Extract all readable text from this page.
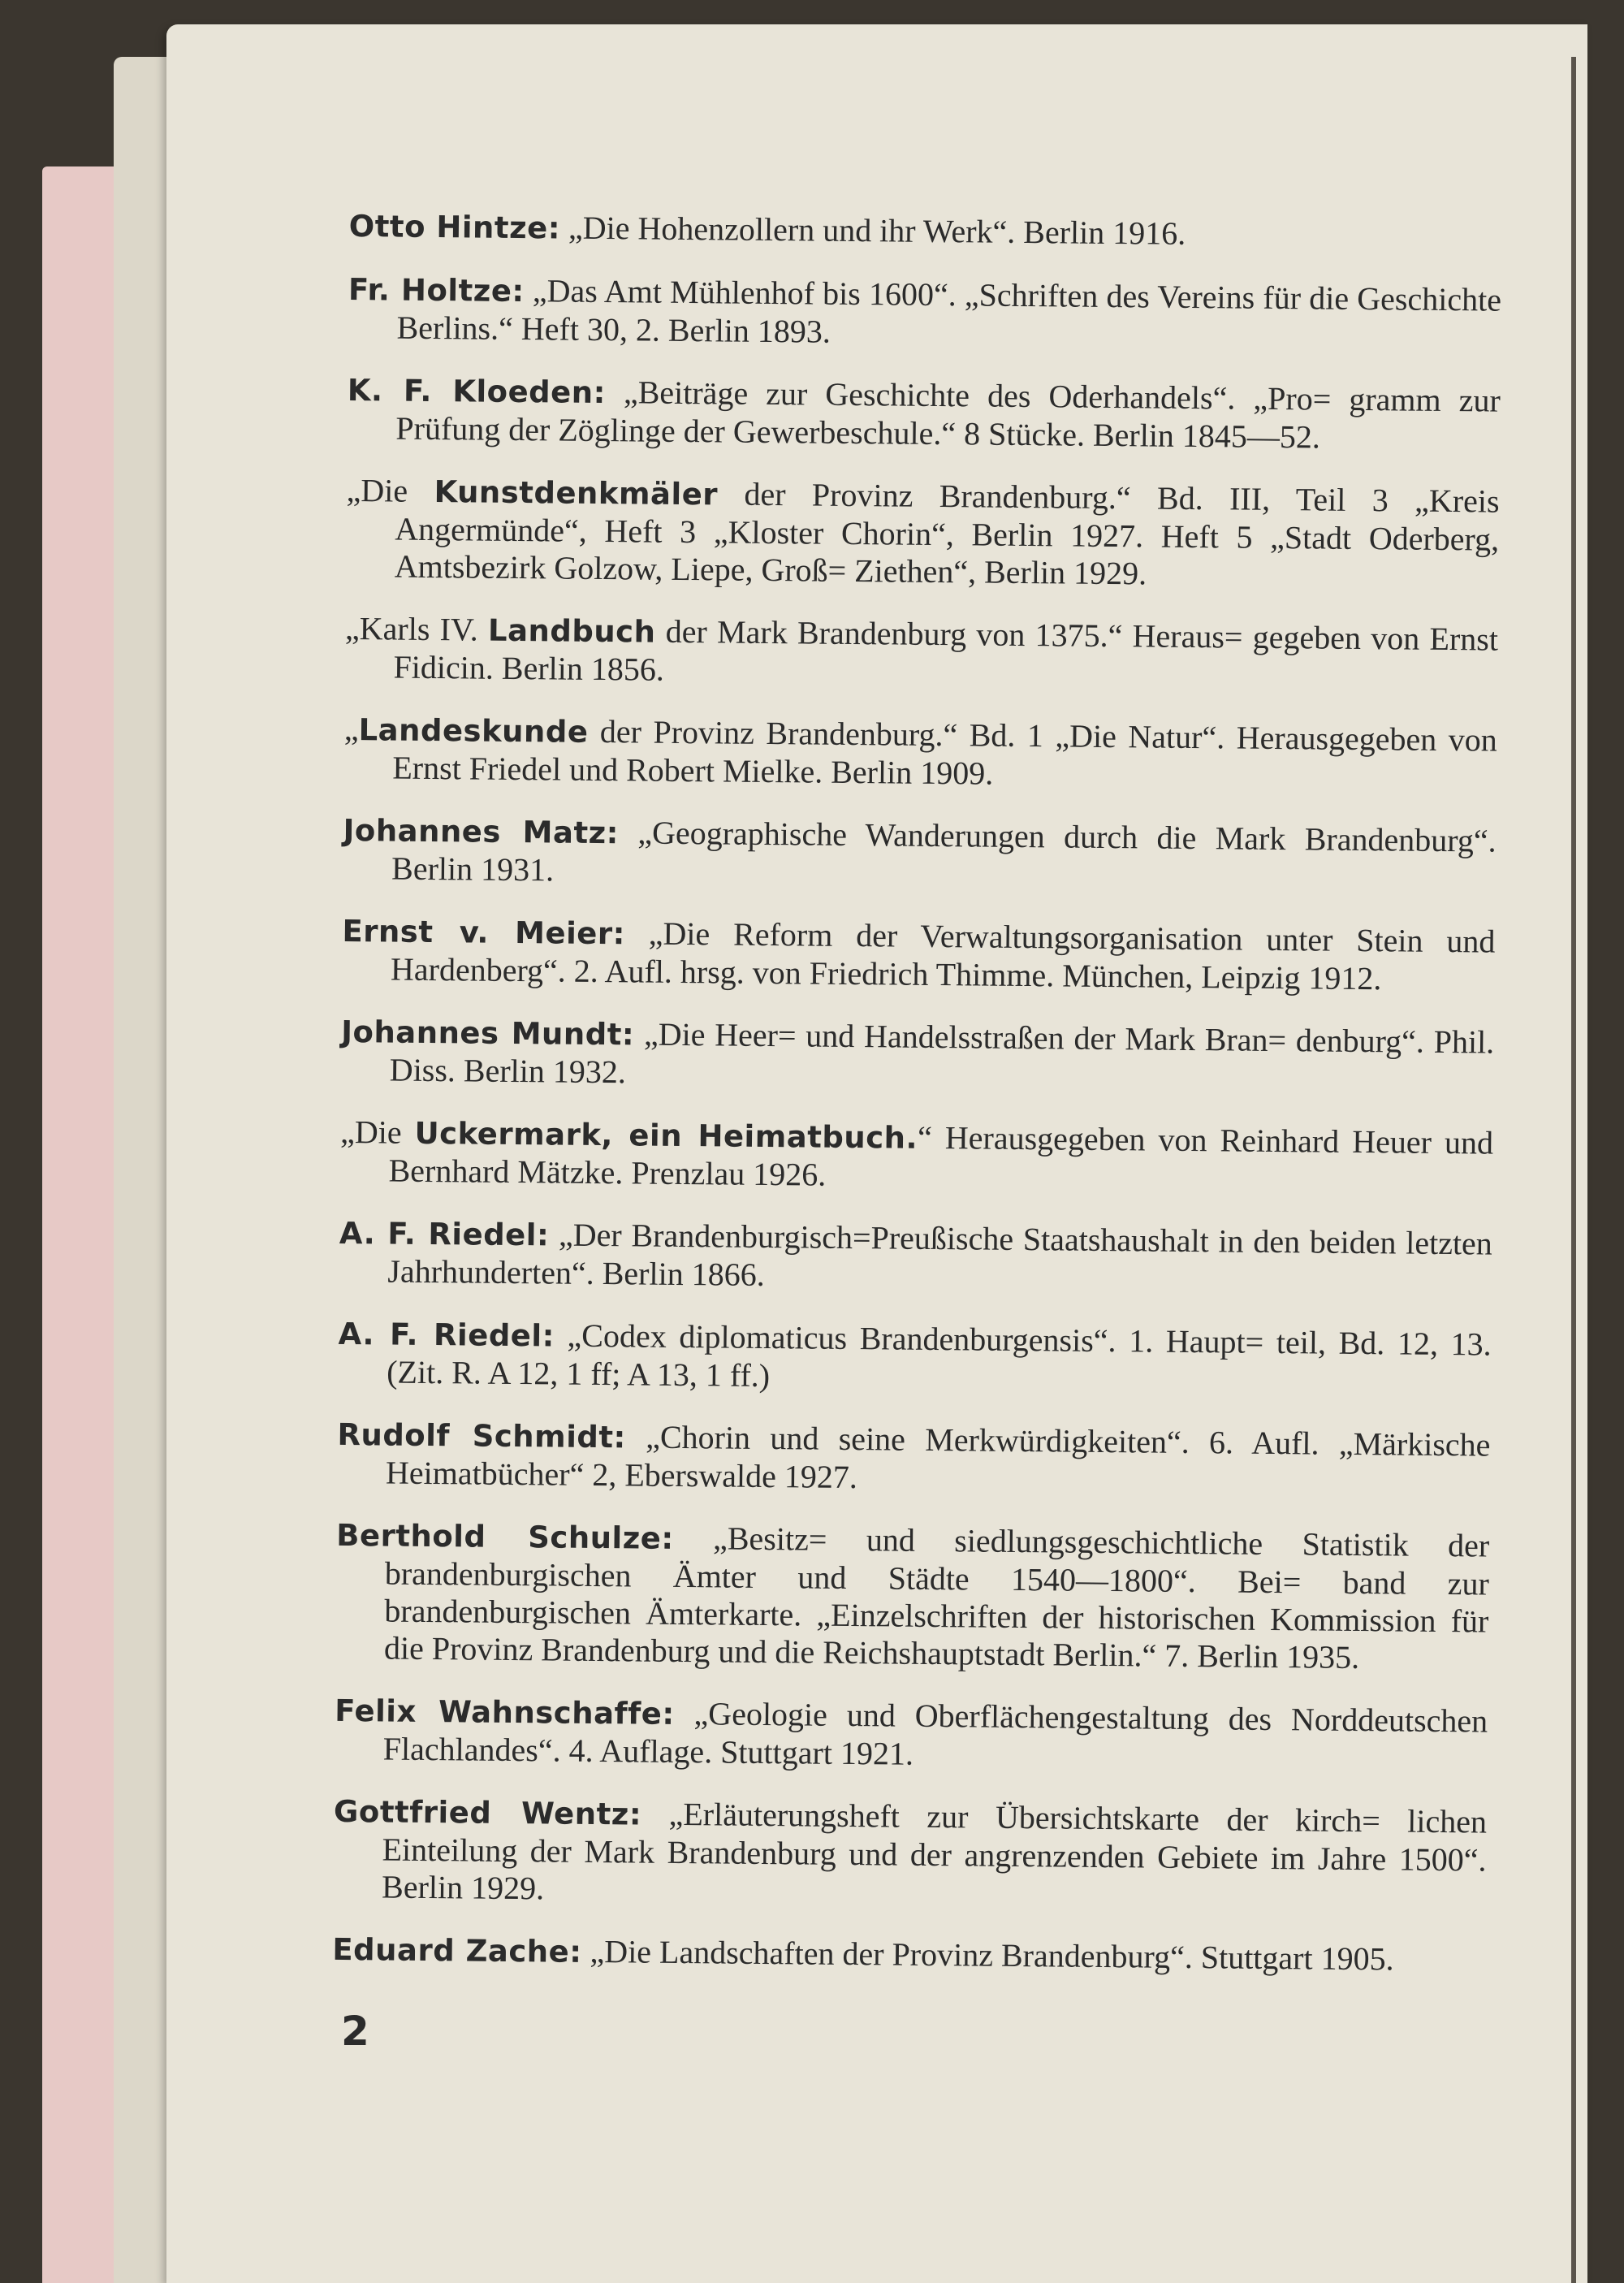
Otto Hintze: „Die Hohenzollern und ihr Werk“. Berlin 1916.

Fr. Holtze: „Das Amt Mühlenhof bis 1600“. „Schriften des Vereins für die Geschichte Berlins.“ Heft 30, 2. Berlin 1893.

K. F. Kloeden: „Beiträge zur Geschichte des Oderhandels“. „Pro= gramm zur Prüfung der Zöglinge der Gewerbeschule.“ 8 Stücke. Berlin 1845—52.

„Die Kunstdenkmäler der Provinz Brandenburg.“ Bd. III, Teil 3 „Kreis Angermünde“, Heft 3 „Kloster Chorin“, Berlin 1927. Heft 5 „Stadt Oderberg, Amtsbezirk Golzow, Liepe, Groß= Ziethen“, Berlin 1929.

„Karls IV. Landbuch der Mark Brandenburg von 1375.“ Heraus= gegeben von Ernst Fidicin. Berlin 1856.

„Landeskunde der Provinz Brandenburg.“ Bd. 1 „Die Natur“. Herausgegeben von Ernst Friedel und Robert Mielke. Berlin 1909.

Johannes Matz: „Geographische Wanderungen durch die Mark Brandenburg“. Berlin 1931.

Ernst v. Meier: „Die Reform der Verwaltungsorganisation unter Stein und Hardenberg“. 2. Aufl. hrsg. von Friedrich Thimme. München, Leipzig 1912.

Johannes Mundt: „Die Heer= und Handelsstraßen der Mark Bran= denburg“. Phil. Diss. Berlin 1932.

„Die Uckermark, ein Heimatbuch.“ Herausgegeben von Reinhard Heuer und Bernhard Mätzke. Prenzlau 1926.

A. F. Riedel: „Der Brandenburgisch=Preußische Staatshaushalt in den beiden letzten Jahrhunderten“. Berlin 1866.

A. F. Riedel: „Codex diplomaticus Brandenburgensis“. 1. Haupt= teil, Bd. 12, 13. (Zit. R. A 12, 1 ff; A 13, 1 ff.)

Rudolf Schmidt: „Chorin und seine Merkwürdigkeiten“. 6. Aufl. „Märkische Heimatbücher“ 2, Eberswalde 1927.

Berthold Schulze: „Besitz= und siedlungsgeschichtliche Statistik der brandenburgischen Ämter und Städte 1540—1800“. Bei= band zur brandenburgischen Ämterkarte. „Einzelschriften der historischen Kommission für die Provinz Brandenburg und die Reichshauptstadt Berlin.“ 7. Berlin 1935.

Felix Wahnschaffe: „Geologie und Oberflächengestaltung des Norddeutschen Flachlandes“. 4. Auflage. Stuttgart 1921.

Gottfried Wentz: „Erläuterungsheft zur Übersichtskarte der kirch= lichen Einteilung der Mark Brandenburg und der angrenzenden Gebiete im Jahre 1500“. Berlin 1929.

Eduard Zache: „Die Landschaften der Provinz Brandenburg“. Stuttgart 1905.

2
